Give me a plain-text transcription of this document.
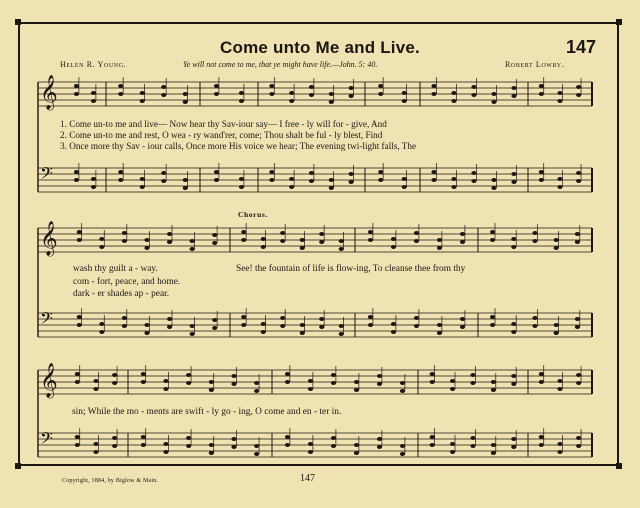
Come unto Me and Live.	147
Helen R. Young.	Ye will not come to me, that ye might have life.—John. 5: 40.	Robert Lowry.
𝄞
𝄢
𝄞
𝄢
𝄞
𝄢
1. Come un-to me and live— Now hear thy Sav-iour say— I free - ly will for - give, And
2. Come un-to me and rest, O wea - ry wand'rer, come; Thou shalt be ful - ly blest, Find
3. Once more thy Sav - iour calls, Once more His voice we hear; The evening twi-light falls, The
Chorus.
wash thy guilt a - way.
com - fort, peace, and home.
dark - er shades ap - pear.
See! the fountain of life is flow-ing, To cleanse thee from thy
sin; While the mo - ments are swift - ly go - ing, O come and en - ter in.
Copyright, 1884, by Biglow & Main.	147
